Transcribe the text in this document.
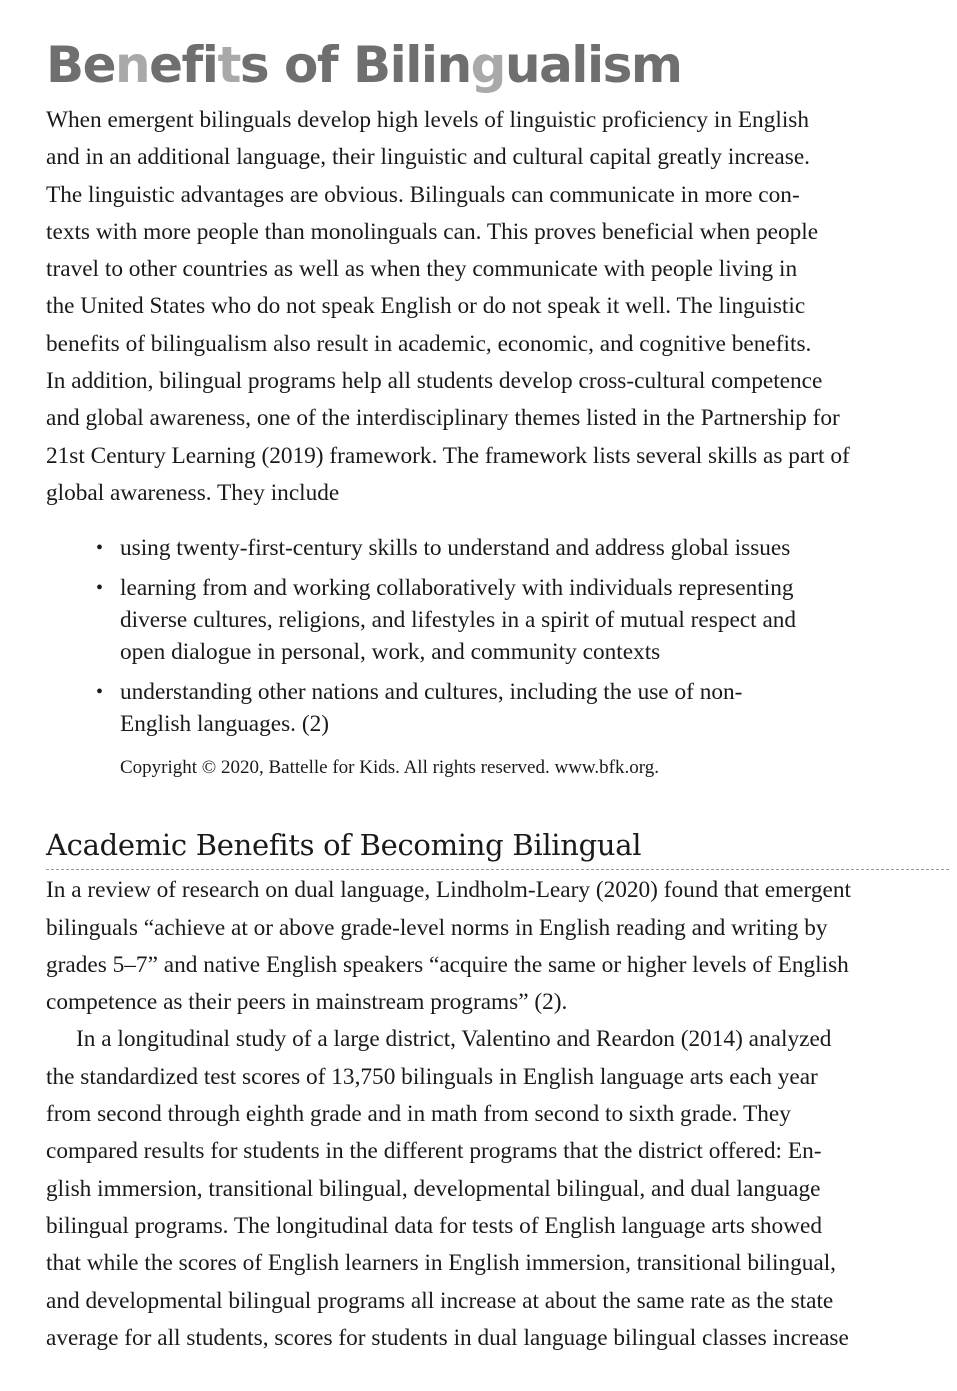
Benefits of Bilingualism
When emergent bilinguals develop high levels of linguistic proficiency in English
and in an additional language, their linguistic and cultural capital greatly increase.
The linguistic advantages are obvious. Bilinguals can communicate in more con-
texts with more people than monolinguals can. This proves beneficial when people
travel to other countries as well as when they communicate with people living in
the United States who do not speak English or do not speak it well. The linguistic
benefits of bilingualism also result in academic, economic, and cognitive benefits.
In addition, bilingual programs help all students develop cross-cultural competence
and global awareness, one of the interdisciplinary themes listed in the Partnership for
21st Century Learning (2019) framework. The framework lists several skills as part of
global awareness. They include
• using twenty-first-century skills to understand and address global issues
• learning from and working collaboratively with individuals representing
diverse cultures, religions, and lifestyles in a spirit of mutual respect and
open dialogue in personal, work, and community contexts
• understanding other nations and cultures, including the use of non-
English languages. (2)
Copyright © 2020, Battelle for Kids. All rights reserved. www.bfk.org.
Academic Benefits of Becoming Bilingual
In a review of research on dual language, Lindholm-Leary (2020) found that emergent
bilinguals “achieve at or above grade-level norms in English reading and writing by
grades 5–7” and native English speakers “acquire the same or higher levels of English
competence as their peers in mainstream programs” (2).
In a longitudinal study of a large district, Valentino and Reardon (2014) analyzed
the standardized test scores of 13,750 bilinguals in English language arts each year
from second through eighth grade and in math from second to sixth grade. They
compared results for students in the different programs that the district offered: En-
glish immersion, transitional bilingual, developmental bilingual, and dual language
bilingual programs. The longitudinal data for tests of English language arts showed
that while the scores of English learners in English immersion, transitional bilingual,
and developmental bilingual programs all increase at about the same rate as the state
average for all students, scores for students in dual language bilingual classes increase
